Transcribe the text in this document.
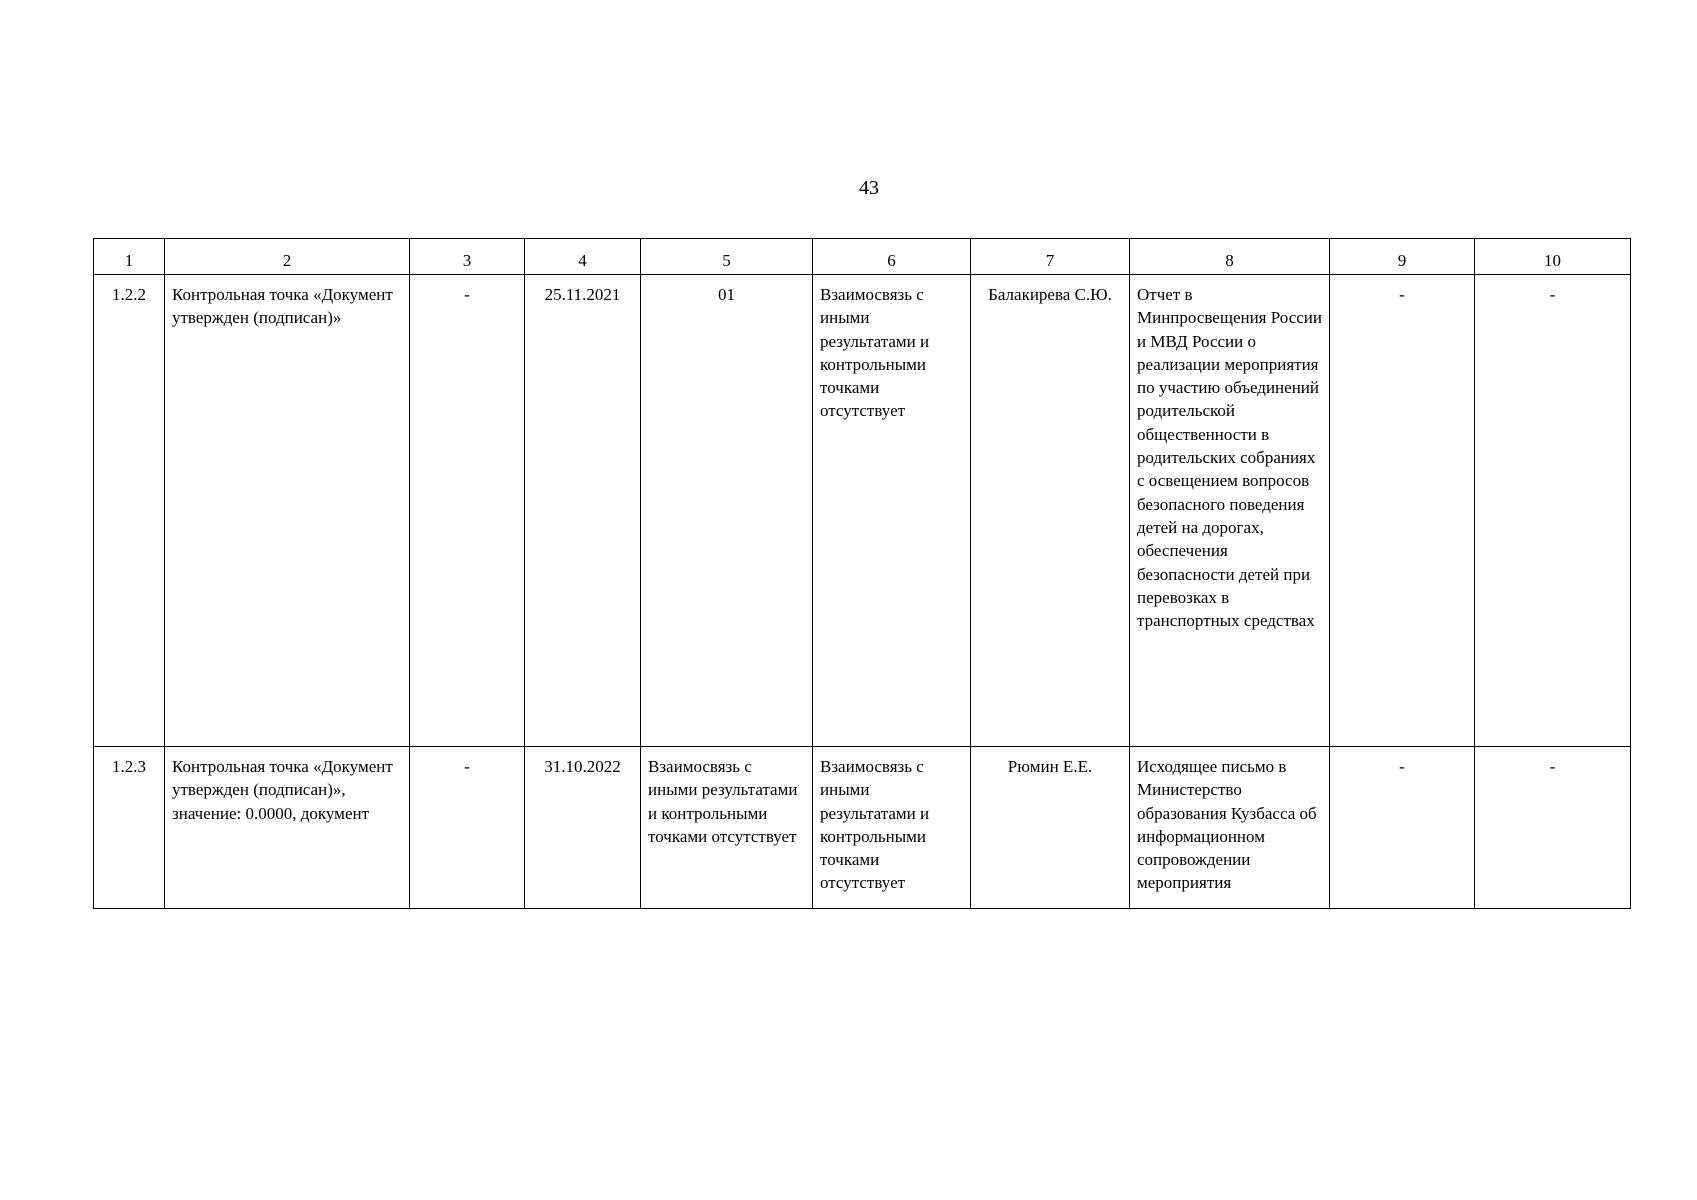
43
1	2	3	4	5	6	7	8	9	10
1.2.2	Контрольная точка «Документ утвержден (подписан)»	-	25.11.2021	01	Взаимосвязь с иными результатами и контрольными точками отсутствует	Балакирева С.Ю.	Отчет в Минпросвещения России и МВД России о реализации мероприятия по участию объединений родительской общественности в родительских собраниях с освещением вопросов безопасного поведения детей на дорогах, обеспечения безопасности детей при перевозках в транспортных средствах	-	-
1.2.3	Контрольная точка «Документ утвержден (подписан)», значение: 0.0000, документ	-	31.10.2022	Взаимосвязь с иными результатами и контрольными точками отсутствует	Взаимосвязь с иными результатами и контрольными точками отсутствует	Рюмин Е.Е.	Исходящее письмо в Министерство образования Кузбасса об информационном сопровождении мероприятия	-	-
